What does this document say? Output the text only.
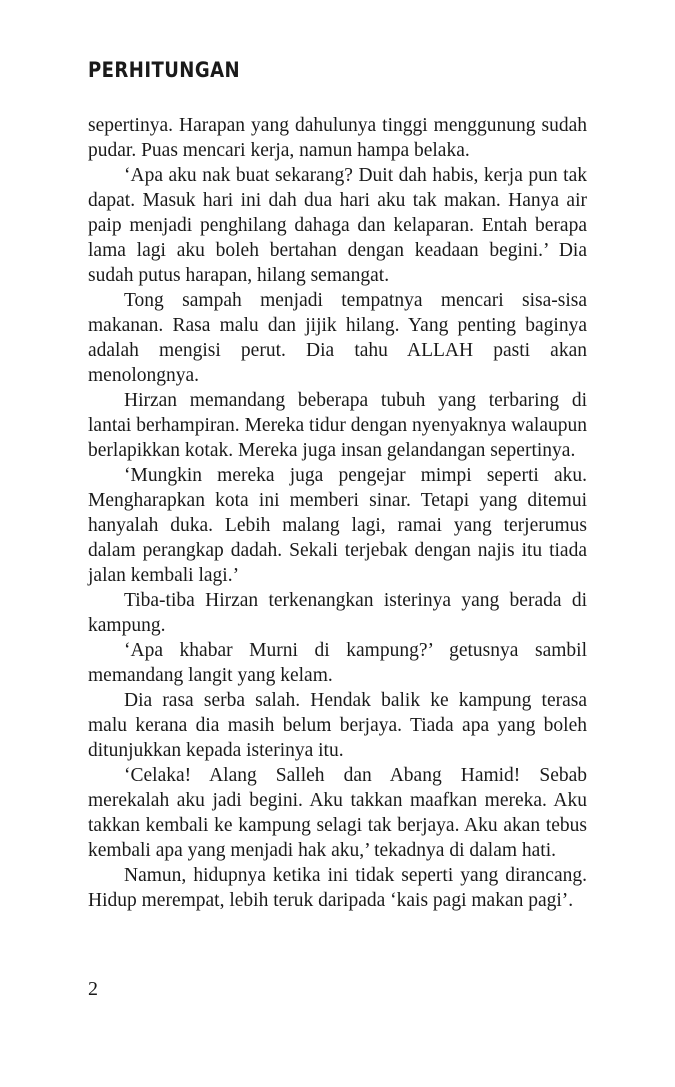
PERHITUNGAN

sepertinya. Harapan yang dahulunya tinggi menggunung sudah pudar. Puas mencari kerja, namun hampa belaka.

‘Apa aku nak buat sekarang? Duit dah habis, kerja pun tak dapat. Masuk hari ini dah dua hari aku tak makan. Hanya air paip menjadi penghilang dahaga dan kelaparan. Entah berapa lama lagi aku boleh bertahan dengan keadaan begini.’ Dia sudah putus harapan, hilang semangat.

Tong sampah menjadi tempatnya mencari sisa-sisa makanan. Rasa malu dan jijik hilang. Yang penting baginya adalah mengisi perut. Dia tahu ALLAH pasti akan menolongnya.

Hirzan memandang beberapa tubuh yang terbaring di lantai berhampiran. Mereka tidur dengan nyenyaknya walaupun berlapikkan kotak. Mereka juga insan gelandangan sepertinya.

‘Mungkin mereka juga pengejar mimpi seperti aku. Mengharapkan kota ini memberi sinar. Tetapi yang ditemui hanyalah duka. Lebih malang lagi, ramai yang terjerumus dalam perangkap dadah. Sekali terjebak dengan najis itu tiada jalan kembali lagi.’

Tiba-tiba Hirzan terkenangkan isterinya yang berada di kampung.

‘Apa khabar Murni di kampung?’ getusnya sambil memandang langit yang kelam.

Dia rasa serba salah. Hendak balik ke kampung terasa malu kerana dia masih belum berjaya. Tiada apa yang boleh ditunjukkan kepada isterinya itu.

‘Celaka! Alang Salleh dan Abang Hamid! Sebab merekalah aku jadi begini. Aku takkan maafkan mereka. Aku takkan kembali ke kampung selagi tak berjaya. Aku akan tebus kembali apa yang menjadi hak aku,’ tekadnya di dalam hati.

Namun, hidupnya ketika ini tidak seperti yang dirancang. Hidup merempat, lebih teruk daripada ‘kais pagi makan pagi’.

2
